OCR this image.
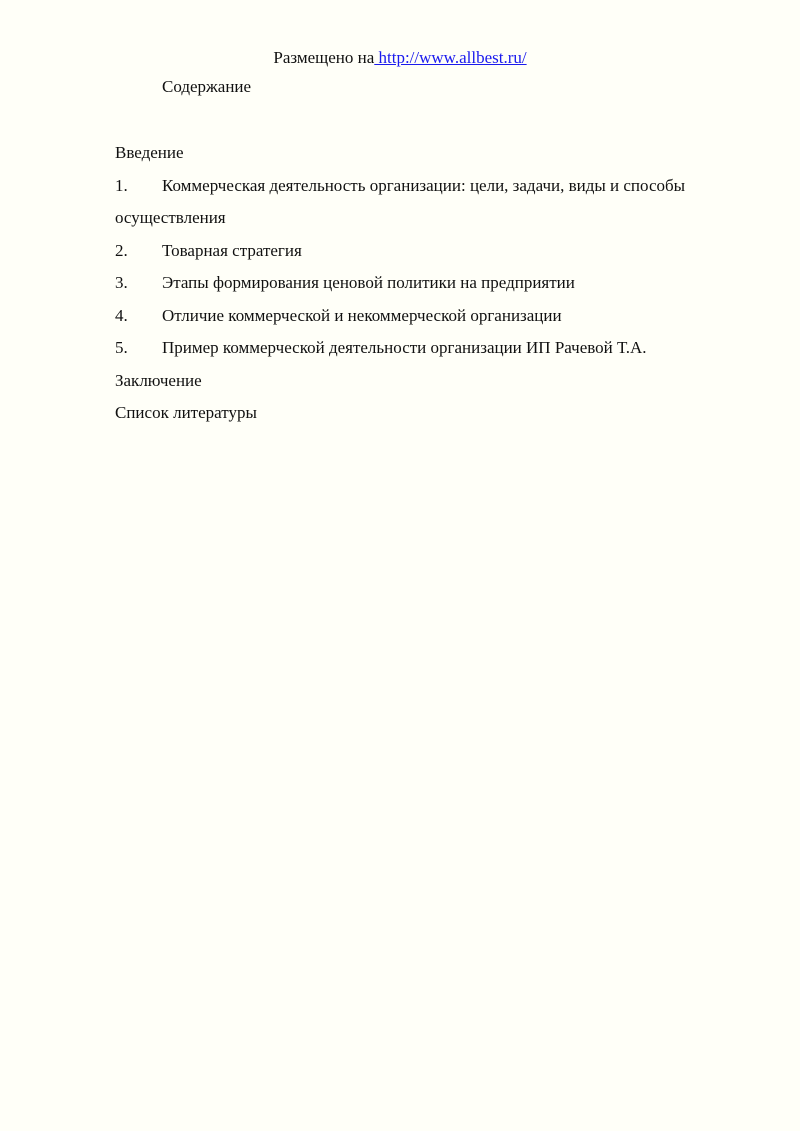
Размещено на http://www.allbest.ru/
Содержание
Введение
1. Коммерческая деятельность организации: цели, задачи, виды и способы
осуществления
2. Товарная стратегия
3. Этапы формирования ценовой политики на предприятии
4. Отличие коммерческой и некоммерческой организации
5. Пример коммерческой деятельности организации ИП Рачевой Т.А.
Заключение
Список литературы
